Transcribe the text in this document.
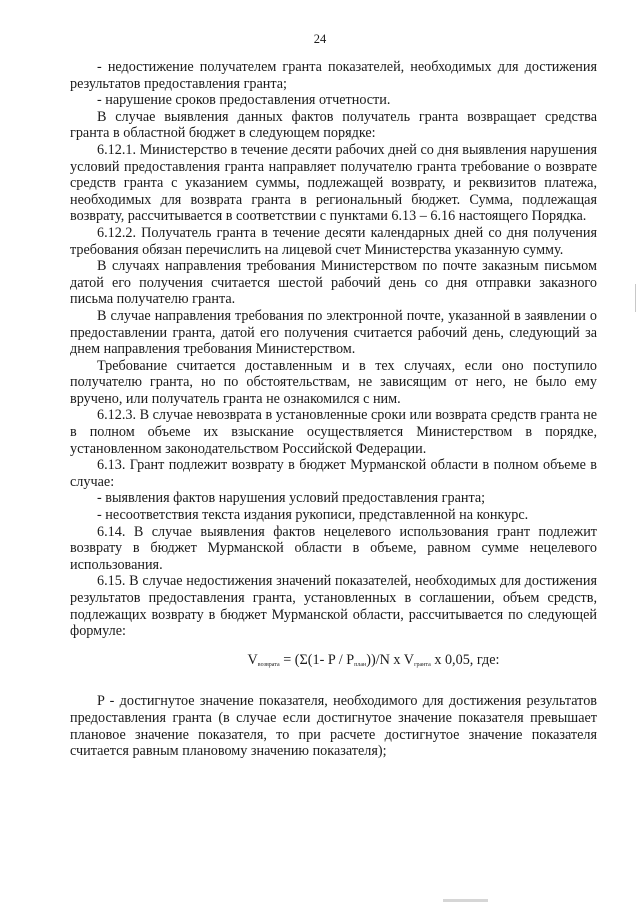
24

- недостижение получателем гранта показателей, необходимых для достижения результатов предоставления гранта;

- нарушение сроков предоставления отчетности.

В случае выявления данных фактов получатель гранта возвращает средства гранта в областной бюджет в следующем порядке:

6.12.1. Министерство в течение десяти рабочих дней со дня выявления нарушения условий предоставления гранта направляет получателю гранта требование о возврате средств гранта с указанием суммы, подлежащей возврату, и реквизитов платежа, необходимых для возврата гранта в региональный бюджет. Сумма, подлежащая возврату, рассчитывается в соответствии с пунктами 6.13 – 6.16 настоящего Порядка.

6.12.2. Получатель гранта в течение десяти календарных дней со дня получения требования обязан перечислить на лицевой счет Министерства указанную сумму.

В случаях направления требования Министерством по почте заказным письмом датой его получения считается шестой рабочий день со дня отправки заказного письма получателю гранта.

В случае направления требования по электронной почте, указанной в заявлении о предоставлении гранта, датой его получения считается рабочий день, следующий за днем направления требования Министерством.

Требование считается доставленным и в тех случаях, если оно поступило получателю гранта, но по обстоятельствам, не зависящим от него, не было ему вручено, или получатель гранта не ознакомился с ним.

6.12.3. В случае невозврата в установленные сроки или возврата средств гранта не в полном объеме их взыскание осуществляется Министерством в порядке, установленном законодательством Российской Федерации.

6.13. Грант подлежит возврату в бюджет Мурманской области в полном объеме в случае:

- выявления фактов нарушения условий предоставления гранта;

- несоответствия текста издания рукописи, представленной на конкурс.

6.14. В случае выявления фактов нецелевого использования грант подлежит возврату в бюджет Мурманской области в объеме, равном сумме нецелевого использования.

6.15. В случае недостижения значений показателей, необходимых для достижения результатов предоставления гранта, установленных в соглашении, объем средств, подлежащих возврату в бюджет Мурманской области, рассчитывается по следующей формуле:

$V_{возврата} = (\Sigma(1-$ P / $P_{план}))/N$ x $V_{гранта}$ x 0,05, где:

P - достигнутое значение показателя, необходимого для достижения результатов предоставления гранта (в случае если достигнутое значение показателя превышает плановое значение показателя, то при расчете достигнутое значение показателя считается равным плановому значению показателя);
